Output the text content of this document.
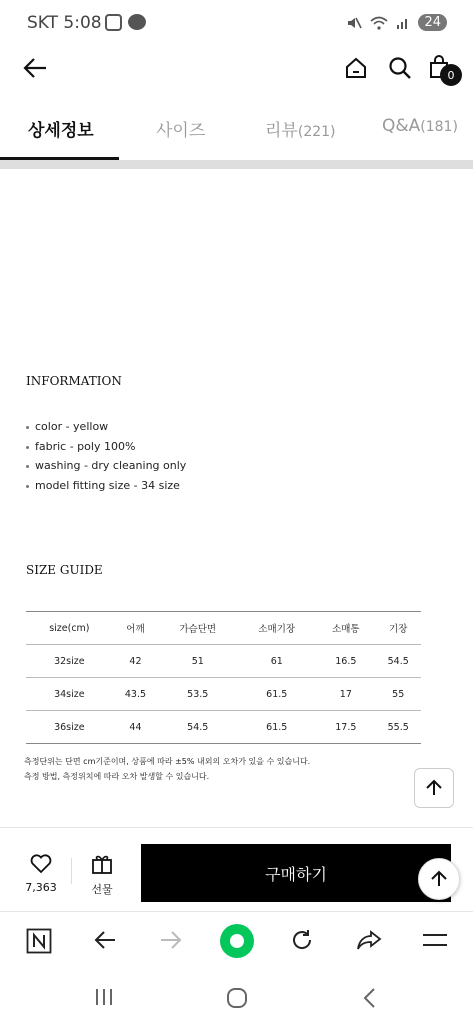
SKT 5:08	24
0
상세정보	사이즈	리뷰(221)	Q&A(181)
INFORMATION
color - yellow
fabric - poly 100%
washing - dry cleaning only
model fitting size - 34 size
SIZE GUIDE
size(cm)	어깨	가슴단면	소매기장	소매통	기장
32size	42	51	61	16.5	54.5
34size	43.5	53.5	61.5	17	55
36size	44	54.5	61.5	17.5	55.5
측정단위는 단면 cm기준이며, 상품에 따라 ±5% 내외의 오차가 있을 수 있습니다.
측정 방법, 측정위치에 따라 오차 발생할 수 있습니다.
7,363	선물
구매하기
